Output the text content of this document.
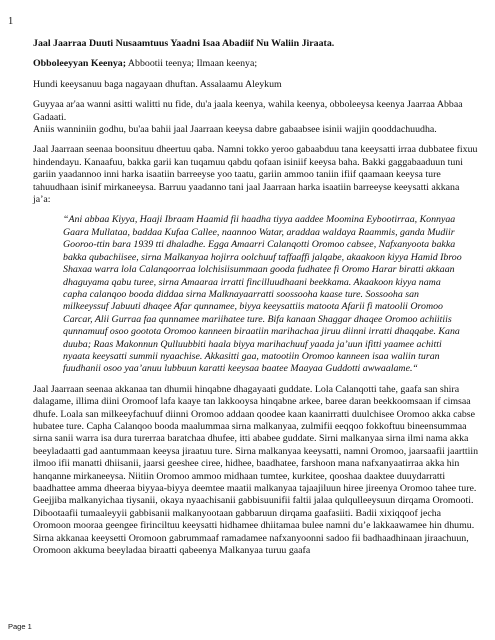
1

Jaal Jaarraa Duuti Nusaamtuus Yaadni Isaa Abadiif Nu Waliin Jiraata.

Obboleeyyan Keenya; Abbootii teenya; Ilmaan keenya;

Hundi keeysanuu baga nagayaan dhuftan. Assalaamu Aleykum

Guyyaa ar'aa wanni asitti walitti nu fide, du'a jaala keenya, wahila keenya, obboleeysa keenya Jaarraa Abbaa Gadaati.

Aniis wanniniin godhu, bu'aa bahii jaal Jaarraan keeysa dabre gabaabsee isinii wajjin qooddachuudha.

Jaal Jaarraan seenaa boonsituu dheertuu qaba. Namni tokko yeroo gabaabduu tana keeysatti irraa dubbatee fixuu hindendayu. Kanaafuu, bakka garii kan tuqamuu qabdu qofaan isiniif keeysa baha. Bakki gaggabaaduun tuni gariin yaadannoo inni harka isaatiin barreeyse yoo taatu, gariin ammoo taniin ifiif qaamaan keeysa ture tahuudhaan isinif mirkaneeysa. Barruu yaadanno tani jaal Jaarraan harka isaatiin barreeyse keeysatti akkana ja’a:

“Ani abbaa Kiyya, Haaji Ibraam Haamid fii haadha tiyya aaddee Moomina Eybootirraa, Konnyaa Gaara Mullataa, baddaa Kufaa Callee, naannoo Watar, araddaa waldaya Raammis, ganda Mudiir Gooroo-ttin bara 1939 tti dhaladhe. Egga Amaarri Calanqotti Oromoo cabsee, Nafxanyoota bakka bakka qubachiisee, sirna Malkanyaa hojirra oolchuuf taffaaffi jalqabe, akaakoon kiyya Hamid Ibroo Shaxaa warra lola Calanqoorraa lolchisiisummaan gooda fudhatee fi Oromo Harar biratti akkaan dhaguyama qabu turee, sirna Amaaraa irratti fincilluudhaani beekkama. Akaakoon kiyya nama capha calanqoo booda diddaa sirna Malknayaarratti soossooha kaase ture. Sossooha san milkeeyssuf Jabuuti dhaqee Afar qunnamee, biyya keeysattiis matoota Afarii fi matoolii Oromoo Carcar, Alii Gurraa faa qunnamee mariihatee ture. Bifa kanaan Shaggar dhaqee Oromoo achiitiis qunnamuuf osoo gootota Oromoo kanneen biraatiin marihachaa jiruu diinni irratti dhaqqabe. Kana duuba; Raas Makonnun Qulluubbiti haala biyya marihachuuf yaada ja’uun ifitti yaamee achitti nyaata keeysatti summii nyaachise. Akkasitti gaa, matootiin Oromoo kanneen isaa waliin turan fuudhanii osoo yaa’anuu lubbuun karatti keeysaa baatee Maayaa Guddotti awwaalame.“

Jaal Jaarraan seenaa akkanaa tan dhumii hinqabne dhagayaati guddate. Lola Calanqotti tahe, gaafa san shira dalagame, illima diini Oromoof lafa kaaye tan lakkooysa hinqabne arkee, baree daran beekkoomsaan if cimsaa dhufe. Loala san milkeeyfachuuf diinni Oromoo addaan qoodee kaan kaanirratti duulchisee Oromoo akka cabse hubatee ture. Capha Calanqoo booda maalummaa sirna malkanyaa, zulmifii eeqqoo fokkoftuu bineensummaa sirna sanii warra isa dura turerraa baratchaa dhufee, itti ababee guddate. Sirni malkanyaa sirna ilmi nama akka beeyladaatti gad aantummaan keeysa jiraatuu ture. Sirna malkanyaa keeysatti, namni Oromoo, jaarsaafii jaarttiin ilmoo ifii manatti dhiisanii, jaarsi geeshee ciree, hidhee, baadhatee, farshoon mana nafxanyaatirraa akka hin hanqanne mirkaneeysa. Niitiin Oromoo ammoo midhaan tumtee, kurkitee, qooshaa daaktee duuydarratti baadhattee amma dheeraa biyyaa-biyya deemtee maatii malkanyaa tajaajiluun hiree jireenya Oromoo tahee ture. Geejjiba malkanyichaa tiysanii, okaya nyaachisanii gabbisuunifii faltii jalaa qulqulleeysuun dirqama Oromooti. Dibootaafii tumaaleyyii gabbisanii malkanyootaan gabbaruun dirqama gaafasiiti. Badii xixiqqoof jecha Oromoon mooraa geengee firinciltuu keeysatti hidhamee dhiitamaa bulee namni du’e lakkaawamee hin dhumu. Sirna akkanaa keeysetti Oromoon gabrummaaf ramadamee nafxanyoonni sadoo fii badhaadhinaan jiraachuun, Oromoon akkuma beeyladaa biraatti qabeenya Malkanyaa turuu gaafa

Page 1
